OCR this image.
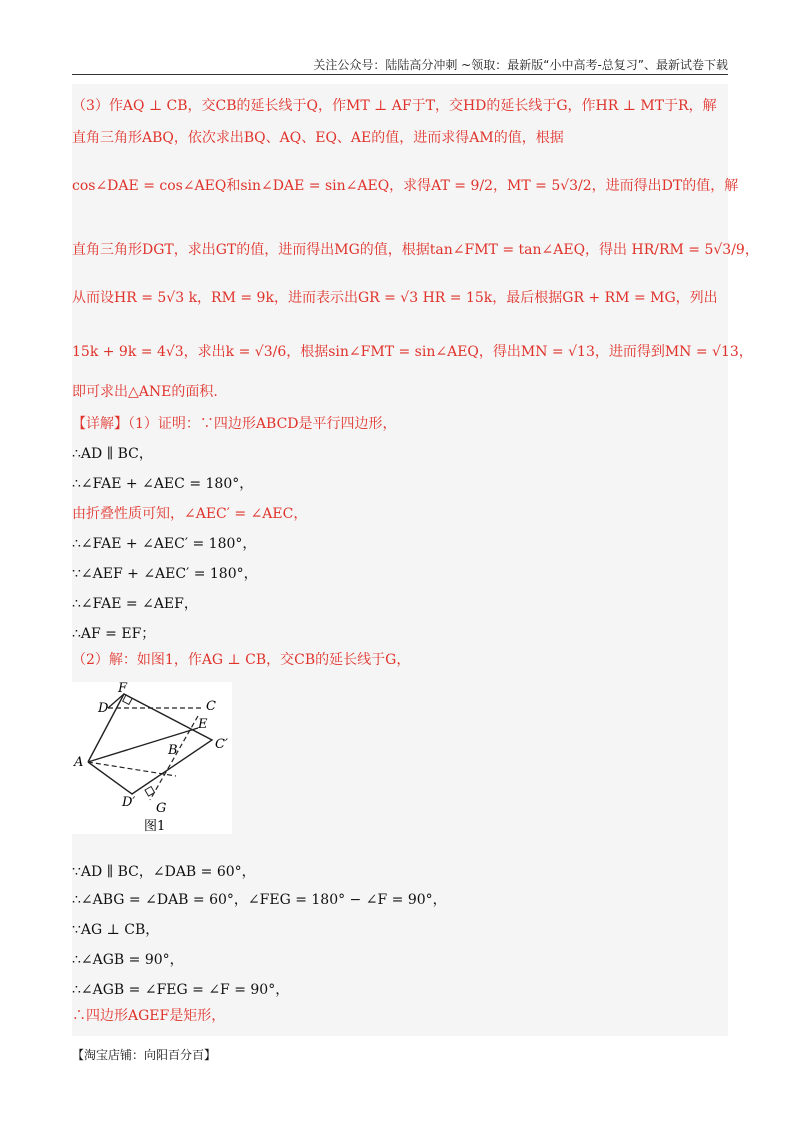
关注公众号：陆陆高分冲刺 ~领取：最新版“小中高考-总复习”、最新试卷下载
F
D	C
E
C′
B
A
D′ G
图1
（3）作AQ ⊥ CB，交CB的延长线于Q，作MT ⊥ AF于T，交HD的延长线于G，作HR ⊥ MT于R，解
直角三角形ABQ，依次求出BQ、AQ、EQ、AE的值，进而求得AM的值，根据
cos∠DAE = cos∠AEQ和sin∠DAE = sin∠AEQ，求得AT = 9/2，MT = 5√3/2，进而得出DT的值，解
直角三角形DGT，求出GT的值，进而得出MG的值，根据tan∠FMT = tan∠AEQ，得出 HR/RM = 5√3/9，
从而设HR = 5√3 k，RM = 9k，进而表示出GR = √3 HR = 15k，最后根据GR + RM = MG，列出
15k + 9k = 4√3，求出k = √3/6，根据sin∠FMT = sin∠AEQ，得出MN = √13，进而得到MN = √13，
即可求出△ANE的面积.
【详解】（1）证明：∵四边形ABCD是平行四边形，
∴AD ∥ BC，
∴∠FAE + ∠AEC = 180°，
由折叠性质可知，∠AEC′ = ∠AEC，
∴∠FAE + ∠AEC′ = 180°，
∵∠AEF + ∠AEC′ = 180°，
∴∠FAE = ∠AEF，
∴AF = EF；
（2）解：如图1，作AG ⊥ CB，交CB的延长线于G，
∵AD ∥ BC，∠DAB = 60°，
∴∠ABG = ∠DAB = 60°，∠FEG = 180° − ∠F = 90°，
∵AG ⊥ CB，
∴∠AGB = 90°，
∴∠AGB = ∠FEG = ∠F = 90°，
∴四边形AGEF是矩形，
【淘宝店铺：向阳百分百】
